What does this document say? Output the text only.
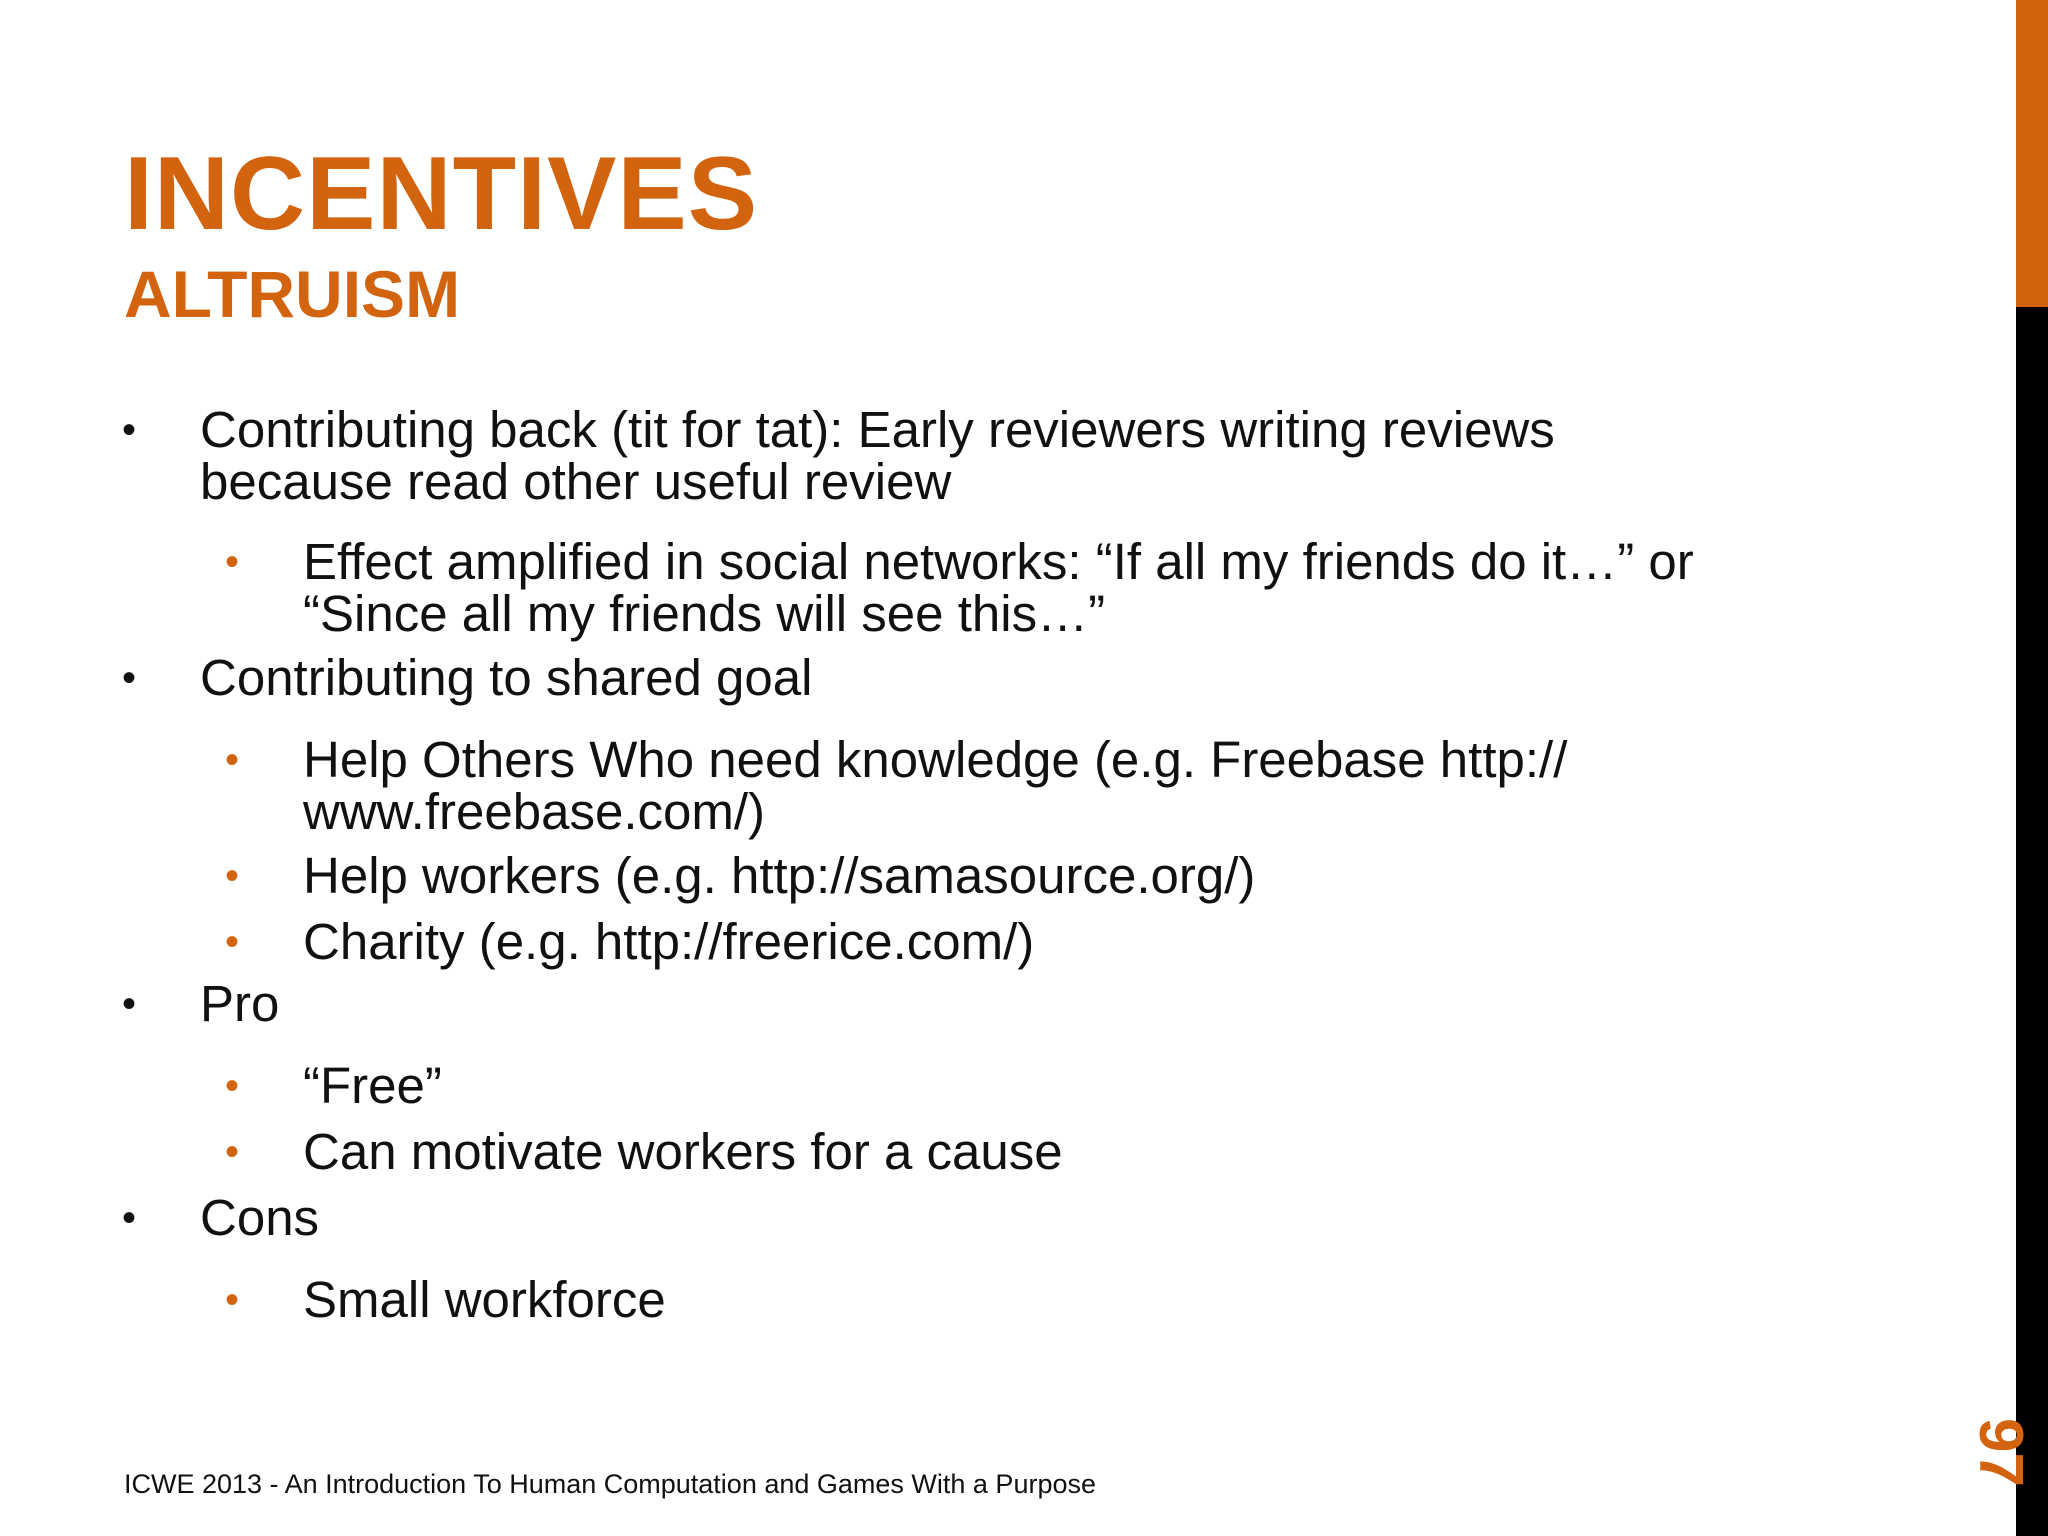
INCENTIVES
ALTRUISM
• Contributing back (tit for tat): Early reviewers writing reviews
because read other useful review
• Effect amplified in social networks: “If all my friends do it…” or
“Since all my friends will see this…”
• Contributing to shared goal
• Help Others Who need knowledge (e.g. Freebase http://
www.freebase.com/)
• Help workers (e.g. http://samasource.org/)
• Charity (e.g. http://freerice.com/)
• Pro
• “Free”
• Can motivate workers for a cause
• Cons
• Small workforce
ICWE 2013 - An Introduction To Human Computation and Games With a Purpose	97
